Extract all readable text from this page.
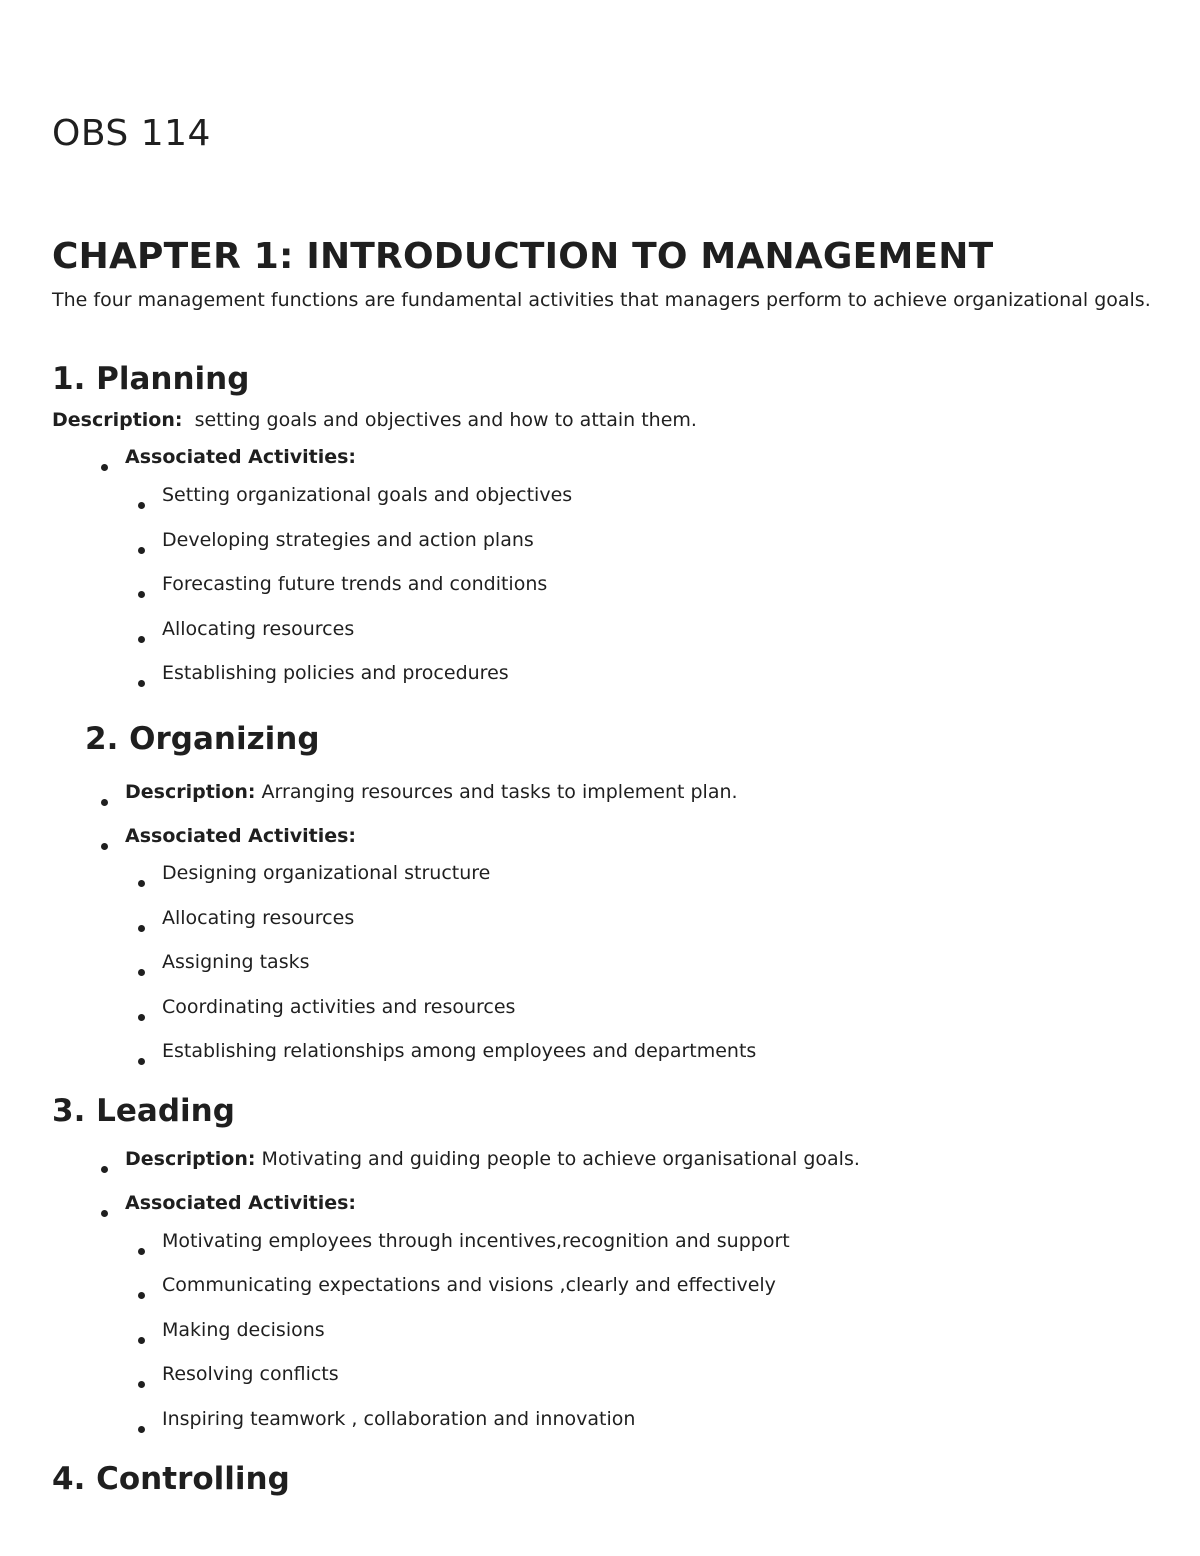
OBS 114
CHAPTER 1: INTRODUCTION TO MANAGEMENT
The four management functions are fundamental activities that managers perform to achieve organizational goals.
1. Planning
Description: setting goals and objectives and how to attain them.
Associated Activities:
Setting organizational goals and objectives
Developing strategies and action plans
Forecasting future trends and conditions
Allocating resources
Establishing policies and procedures
2. Organizing
Description: Arranging resources and tasks to implement plan.
Associated Activities:
Designing organizational structure
Allocating resources
Assigning tasks
Coordinating activities and resources
Establishing relationships among employees and departments
3. Leading
Description: Motivating and guiding people to achieve organisational goals.
Associated Activities:
Motivating employees through incentives,recognition and support
Communicating expectations and visions ,clearly and effectively
Making decisions
Resolving conflicts
Inspiring teamwork , collaboration and innovation
4. Controlling
